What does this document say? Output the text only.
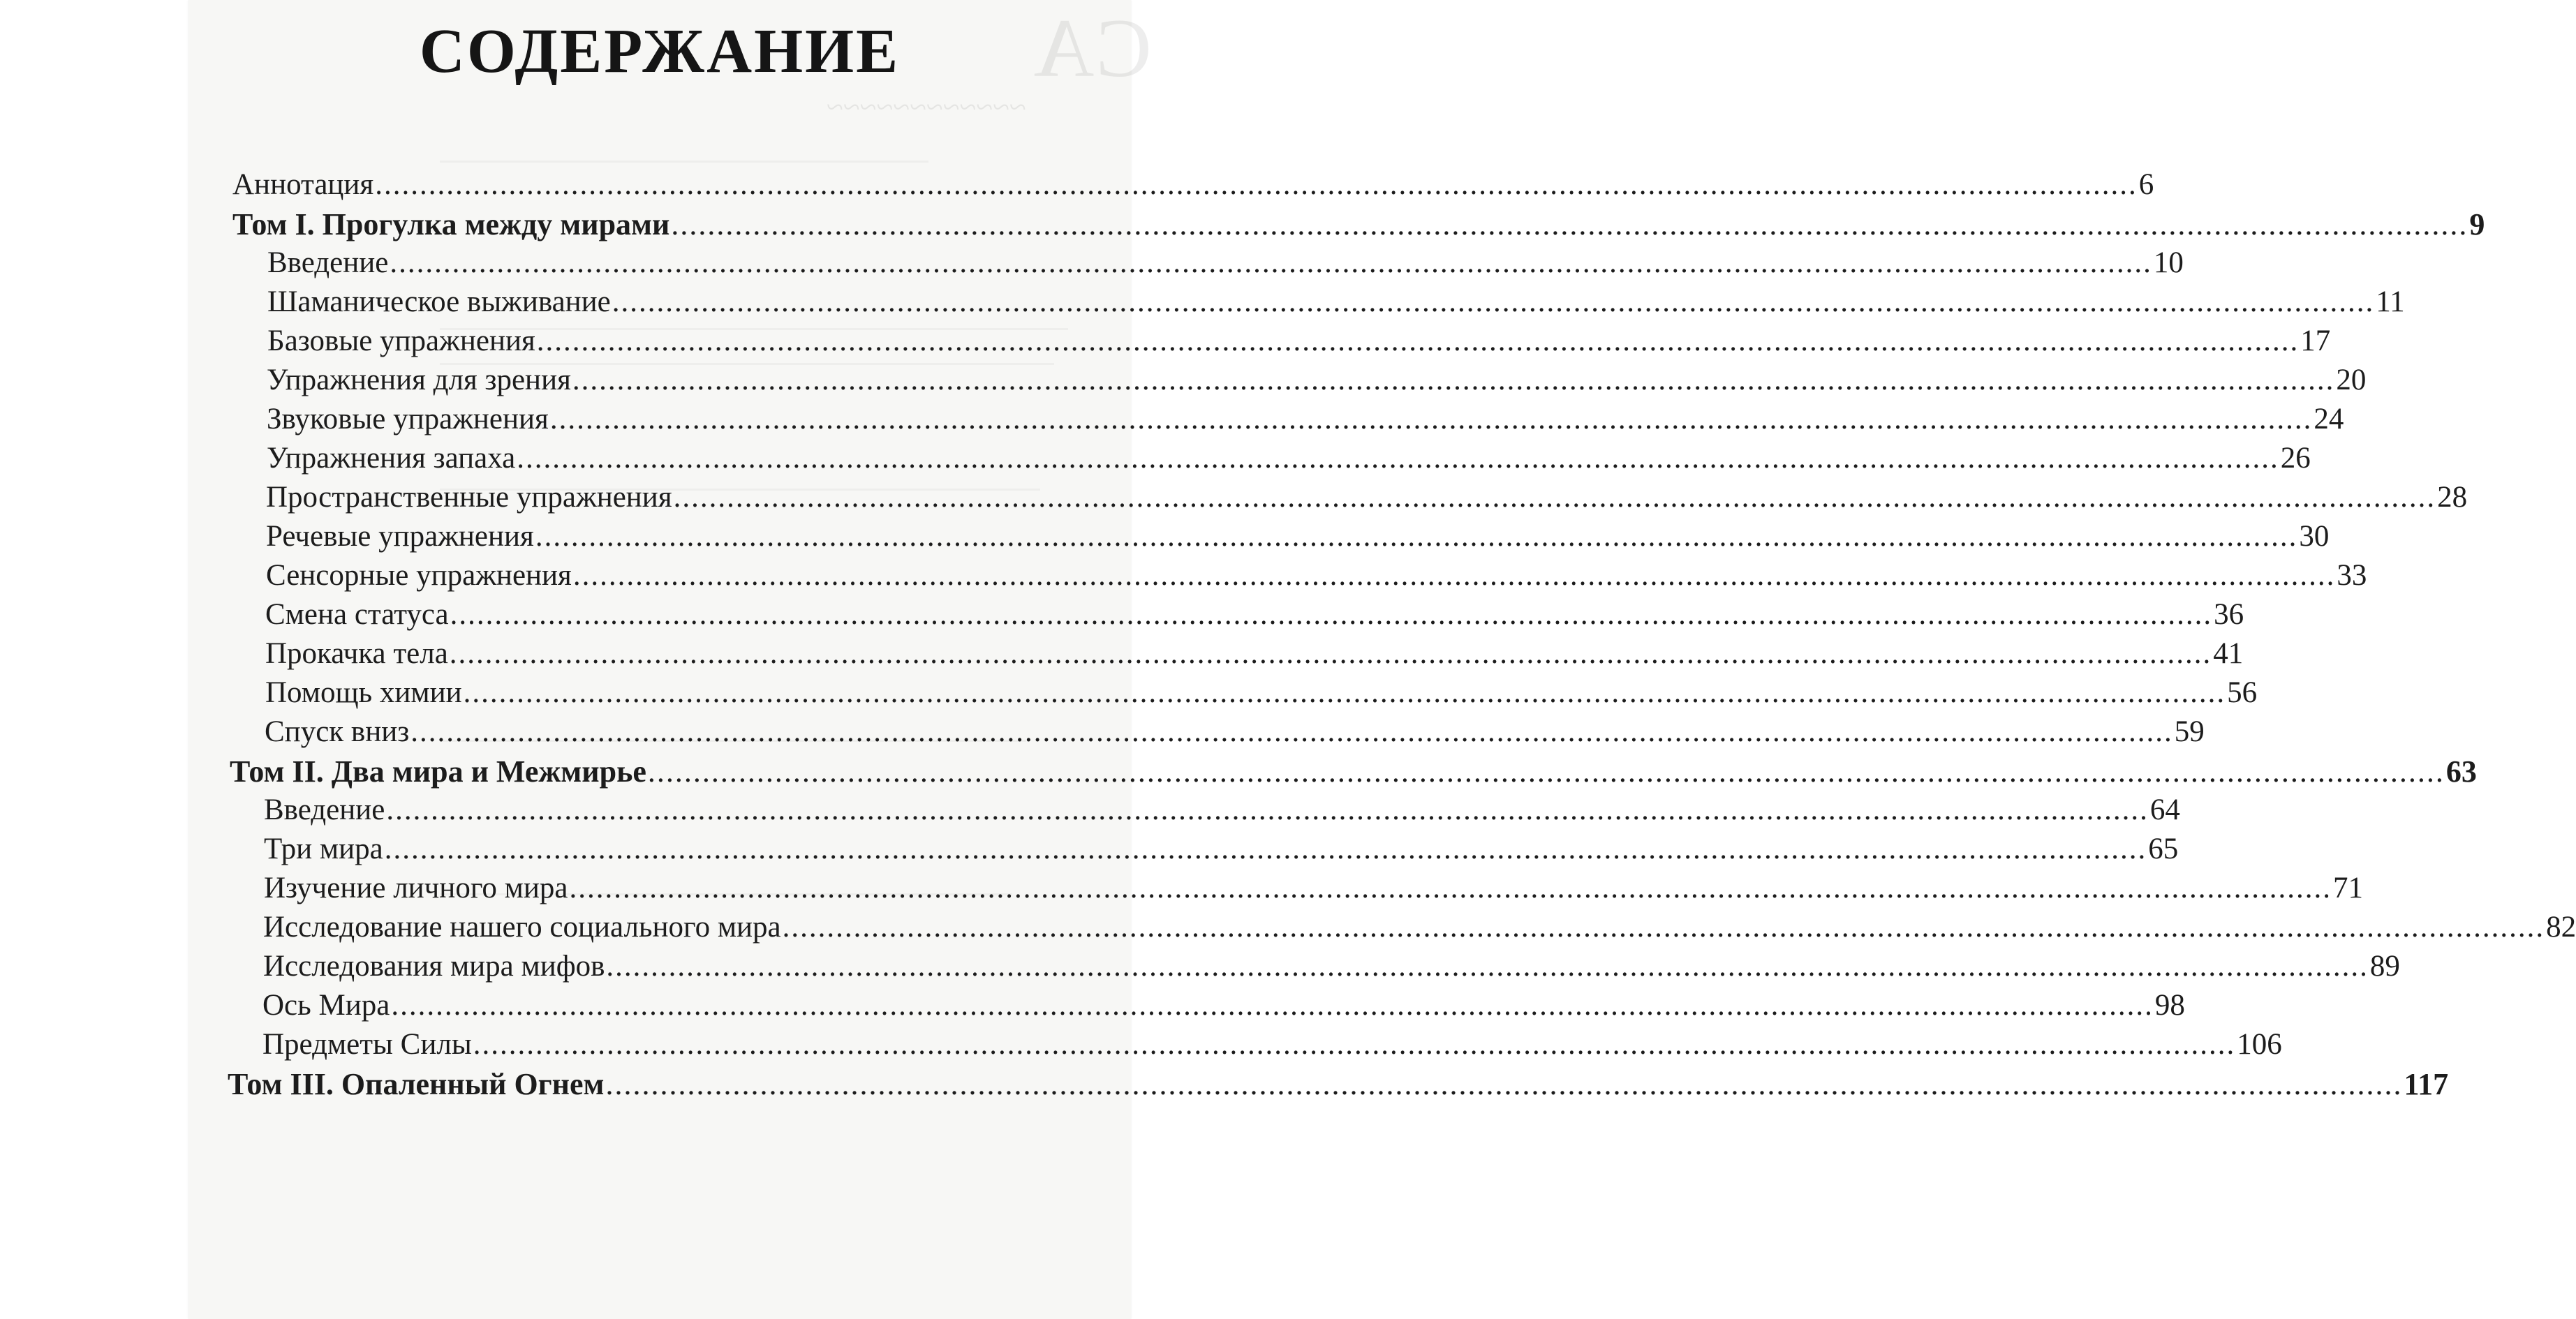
СА
~~~~~~~~~~~~
СОДЕРЖАНИЕ
Аннотация .....	6
Том I. Прогулка между мирами .....	9
Введение .....	10
Шаманическое выживание .....	11
Базовые упражнения .....	17
Упражнения для зрения .....	20
Звуковые упражнения .....	24
Упражнения запаха .....	26
Пространственные упражнения .....	28
Речевые упражнения .....	30
Сенсорные упражнения .....	33
Смена статуса .....	36
Прокачка тела .....	41
Помощь химии .....	56
Спуск вниз .....	59
Том II. Два мира и Межмирье .....	63
Введение .....	64
Три мира .....	65
Изучение личного мира .....	71
Исследование нашего социального мира .....	82
Исследования мира мифов .....	89
Ось Мира .....	98
Предметы Силы .....	106
Том III. Опаленный Огнем .....	117
